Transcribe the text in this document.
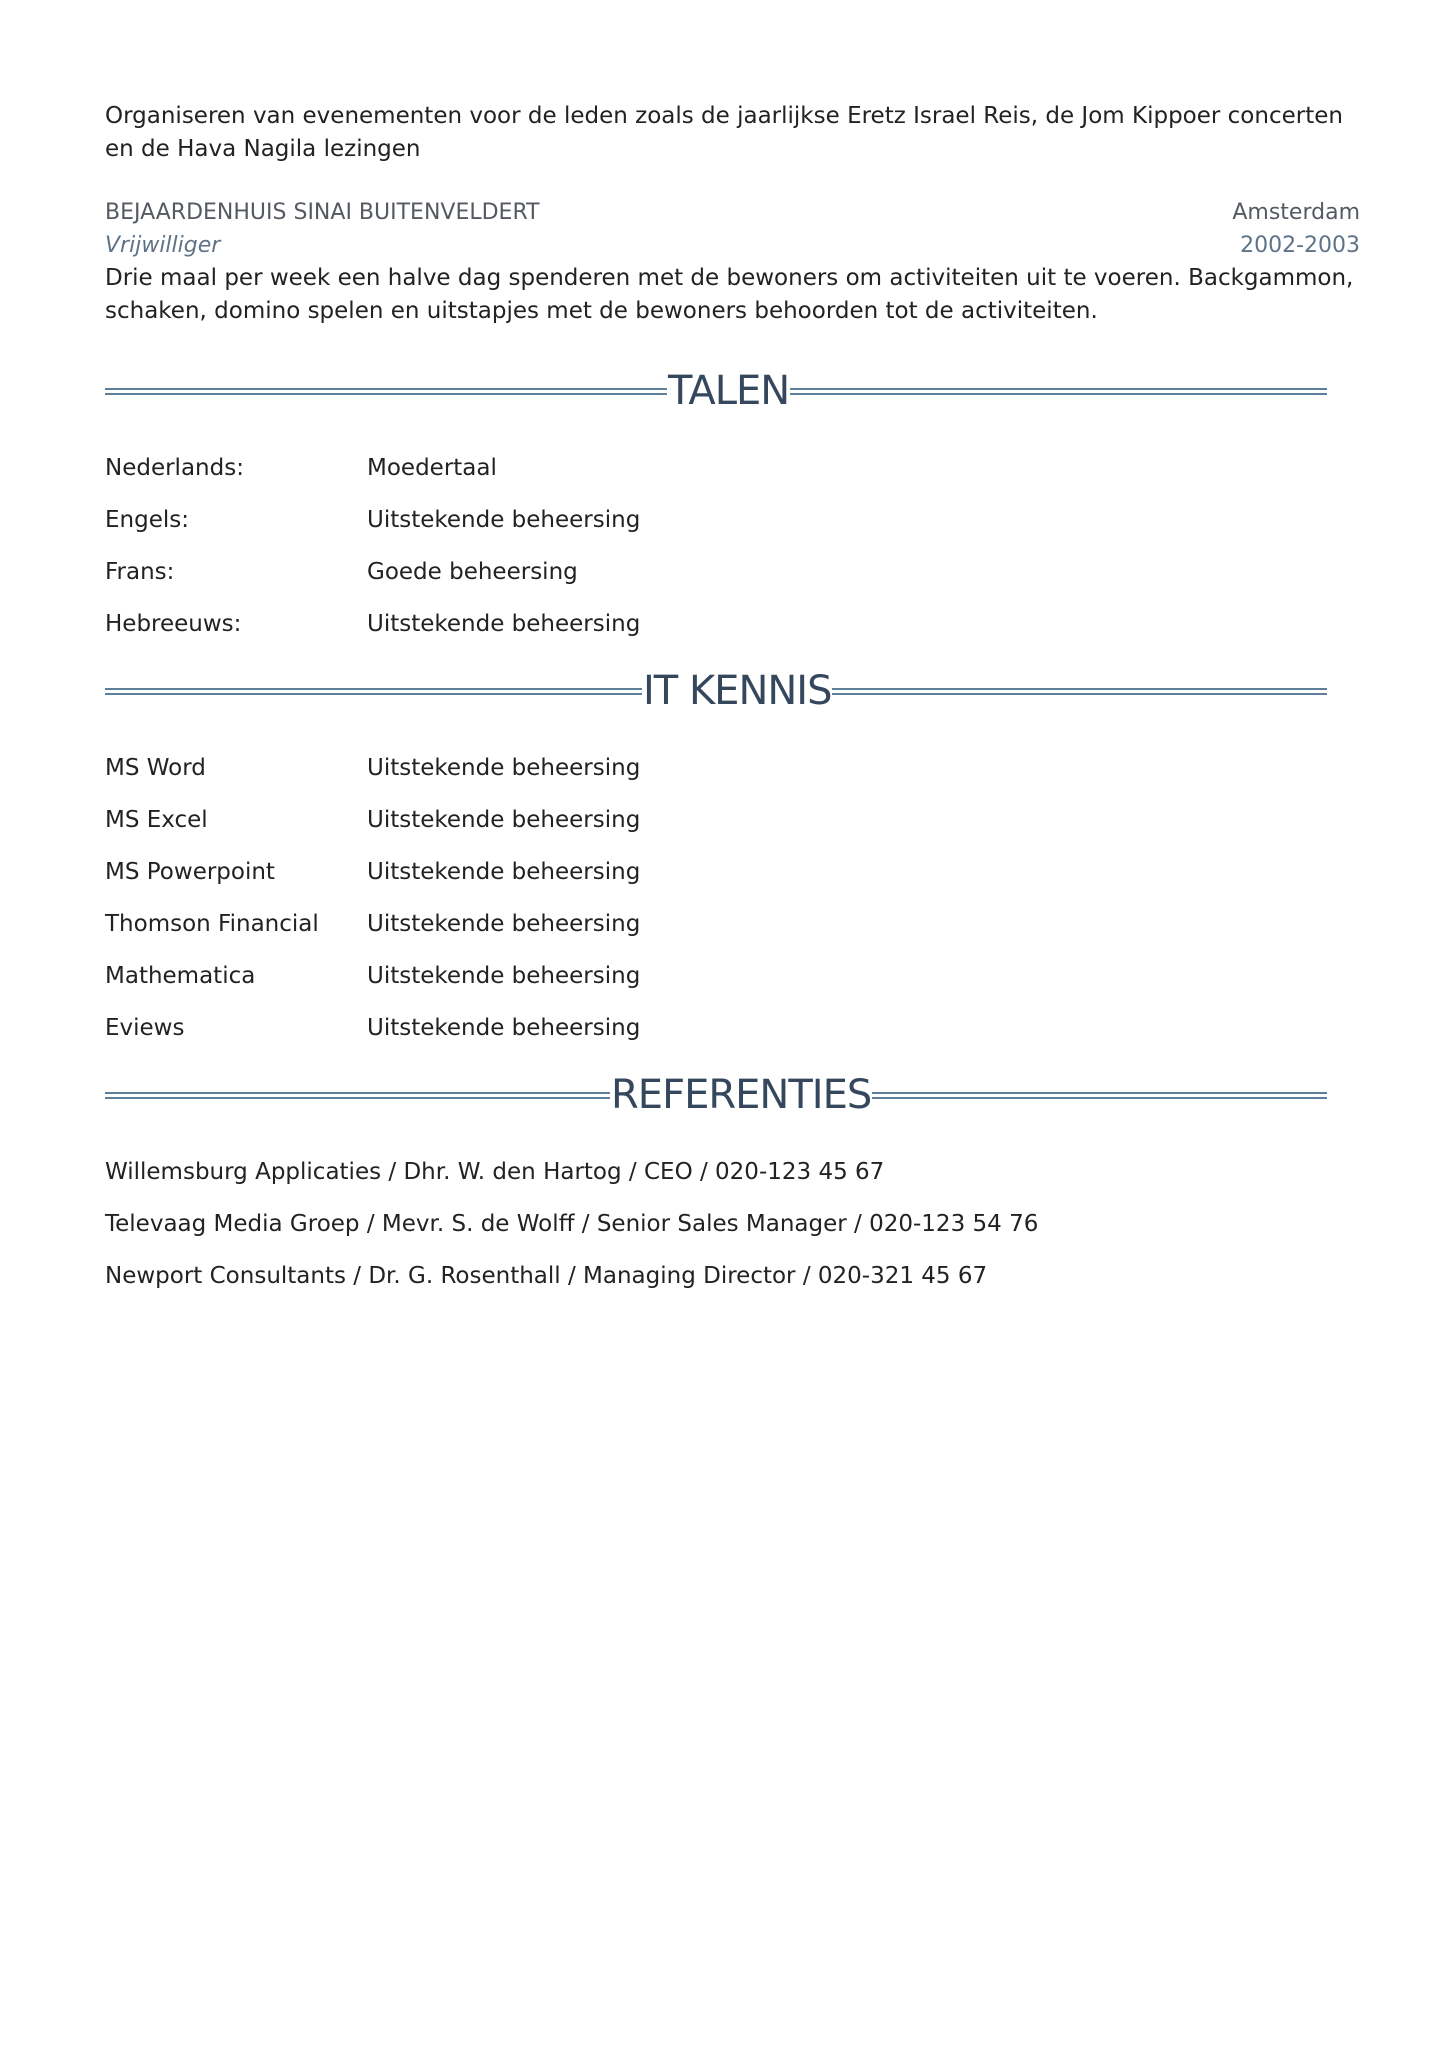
Organiseren van evenementen voor de leden zoals de jaarlijkse Eretz Israel Reis, de Jom Kippoer concerten en de Hava Nagila lezingen

BEJAARDENHUIS SINAI BUITENVELDERT	Amsterdam
Vrijwilliger	2002-2003

Drie maal per week een halve dag spenderen met de bewoners om activiteiten uit te voeren. Backgammon, schaken, domino spelen en uitstapjes met de bewoners behoorden tot de activiteiten.

TALEN
Nederlands:	Moedertaal
Engels:	Uitstekende beheersing
Frans:	Goede beheersing
Hebreeuws:	Uitstekende beheersing
IT KENNIS
MS Word	Uitstekende beheersing
MS Excel	Uitstekende beheersing
MS Powerpoint	Uitstekende beheersing
Thomson Financial	Uitstekende beheersing
Mathematica	Uitstekende beheersing
Eviews	Uitstekende beheersing
REFERENTIES
Willemsburg Applicaties / Dhr. W. den Hartog / CEO / 020-123 45 67
Televaag Media Groep / Mevr. S. de Wolff / Senior Sales Manager / 020-123 54 76
Newport Consultants / Dr. G. Rosenthall / Managing Director / 020-321 45 67
